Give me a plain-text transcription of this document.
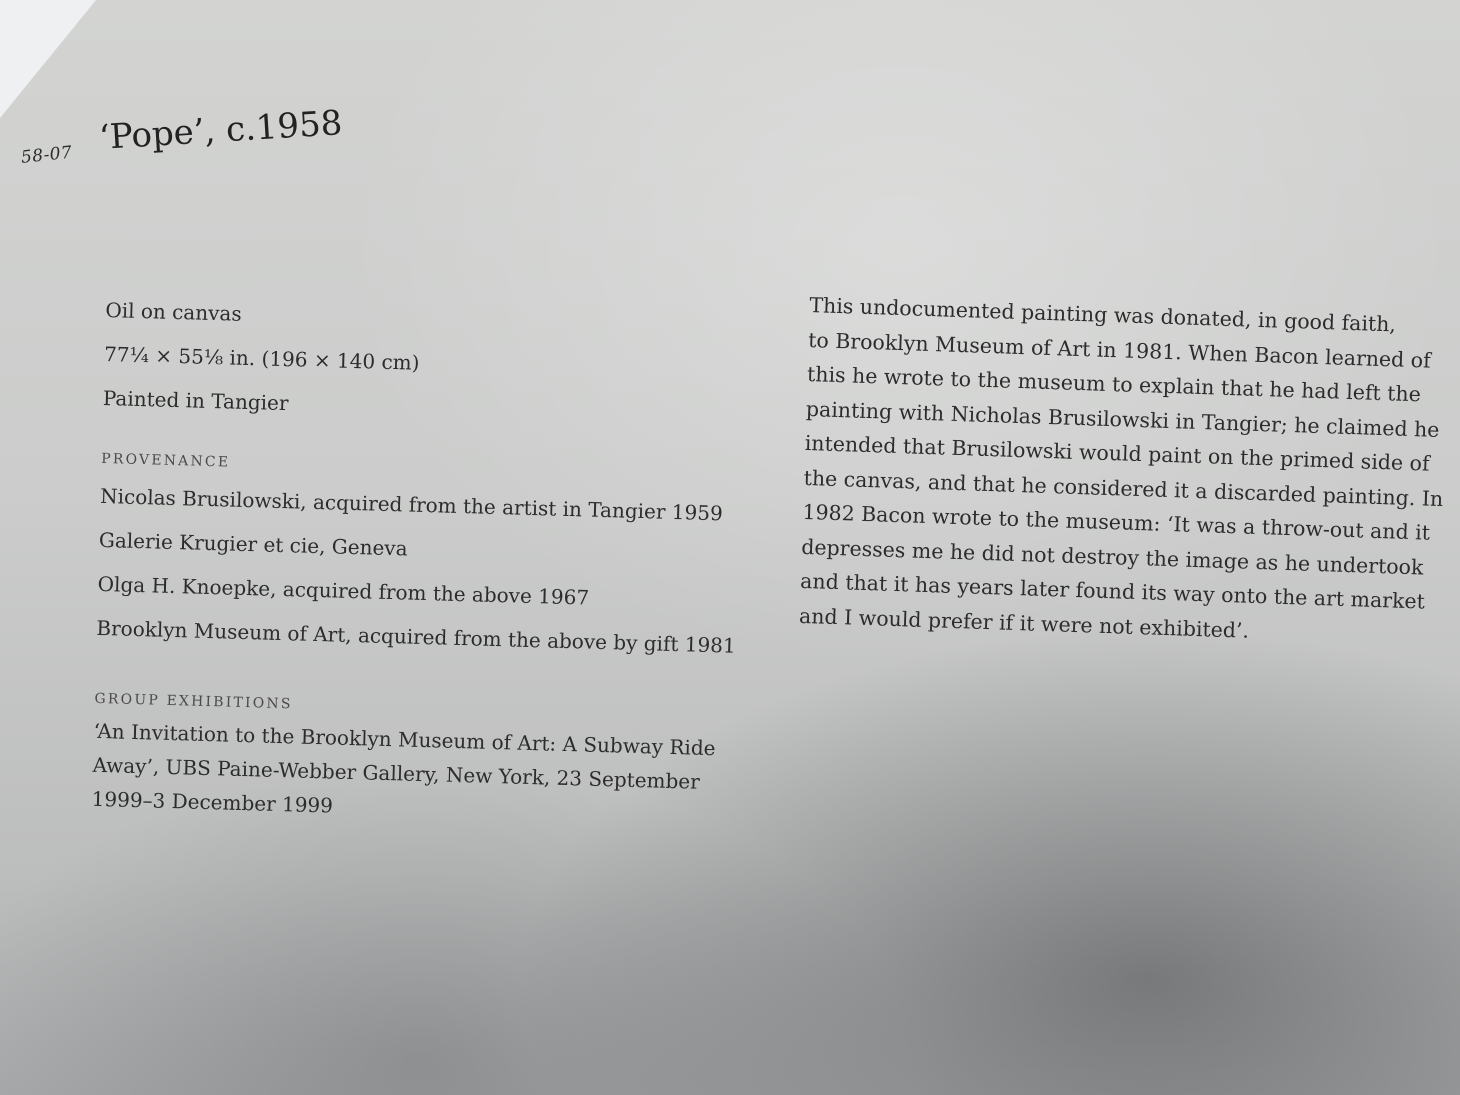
58-07 ‘Pope’, c.1958
Oil on canvas
77¼ × 55⅛ in. (196 × 140 cm)
Painted in Tangier
PROVENANCE
Nicolas Brusilowski, acquired from the artist in Tangier 1959
Galerie Krugier et cie, Geneva
Olga H. Knoepke, acquired from the above 1967
Brooklyn Museum of Art, acquired from the above by gift 1981
GROUP EXHIBITIONS
‘An Invitation to the Brooklyn Museum of Art: A Subway Ride
Away’, UBS Paine-Webber Gallery, New York, 23 September
1999–3 December 1999
This undocumented painting was donated, in good faith,
to Brooklyn Museum of Art in 1981. When Bacon learned of
this he wrote to the museum to explain that he had left the
painting with Nicholas Brusilowski in Tangier; he claimed he
intended that Brusilowski would paint on the primed side of
the canvas, and that he considered it a discarded painting. In
1982 Bacon wrote to the museum: ‘It was a throw-out and it
depresses me he did not destroy the image as he undertook
and that it has years later found its way onto the art market
and I would prefer if it were not exhibited’.
